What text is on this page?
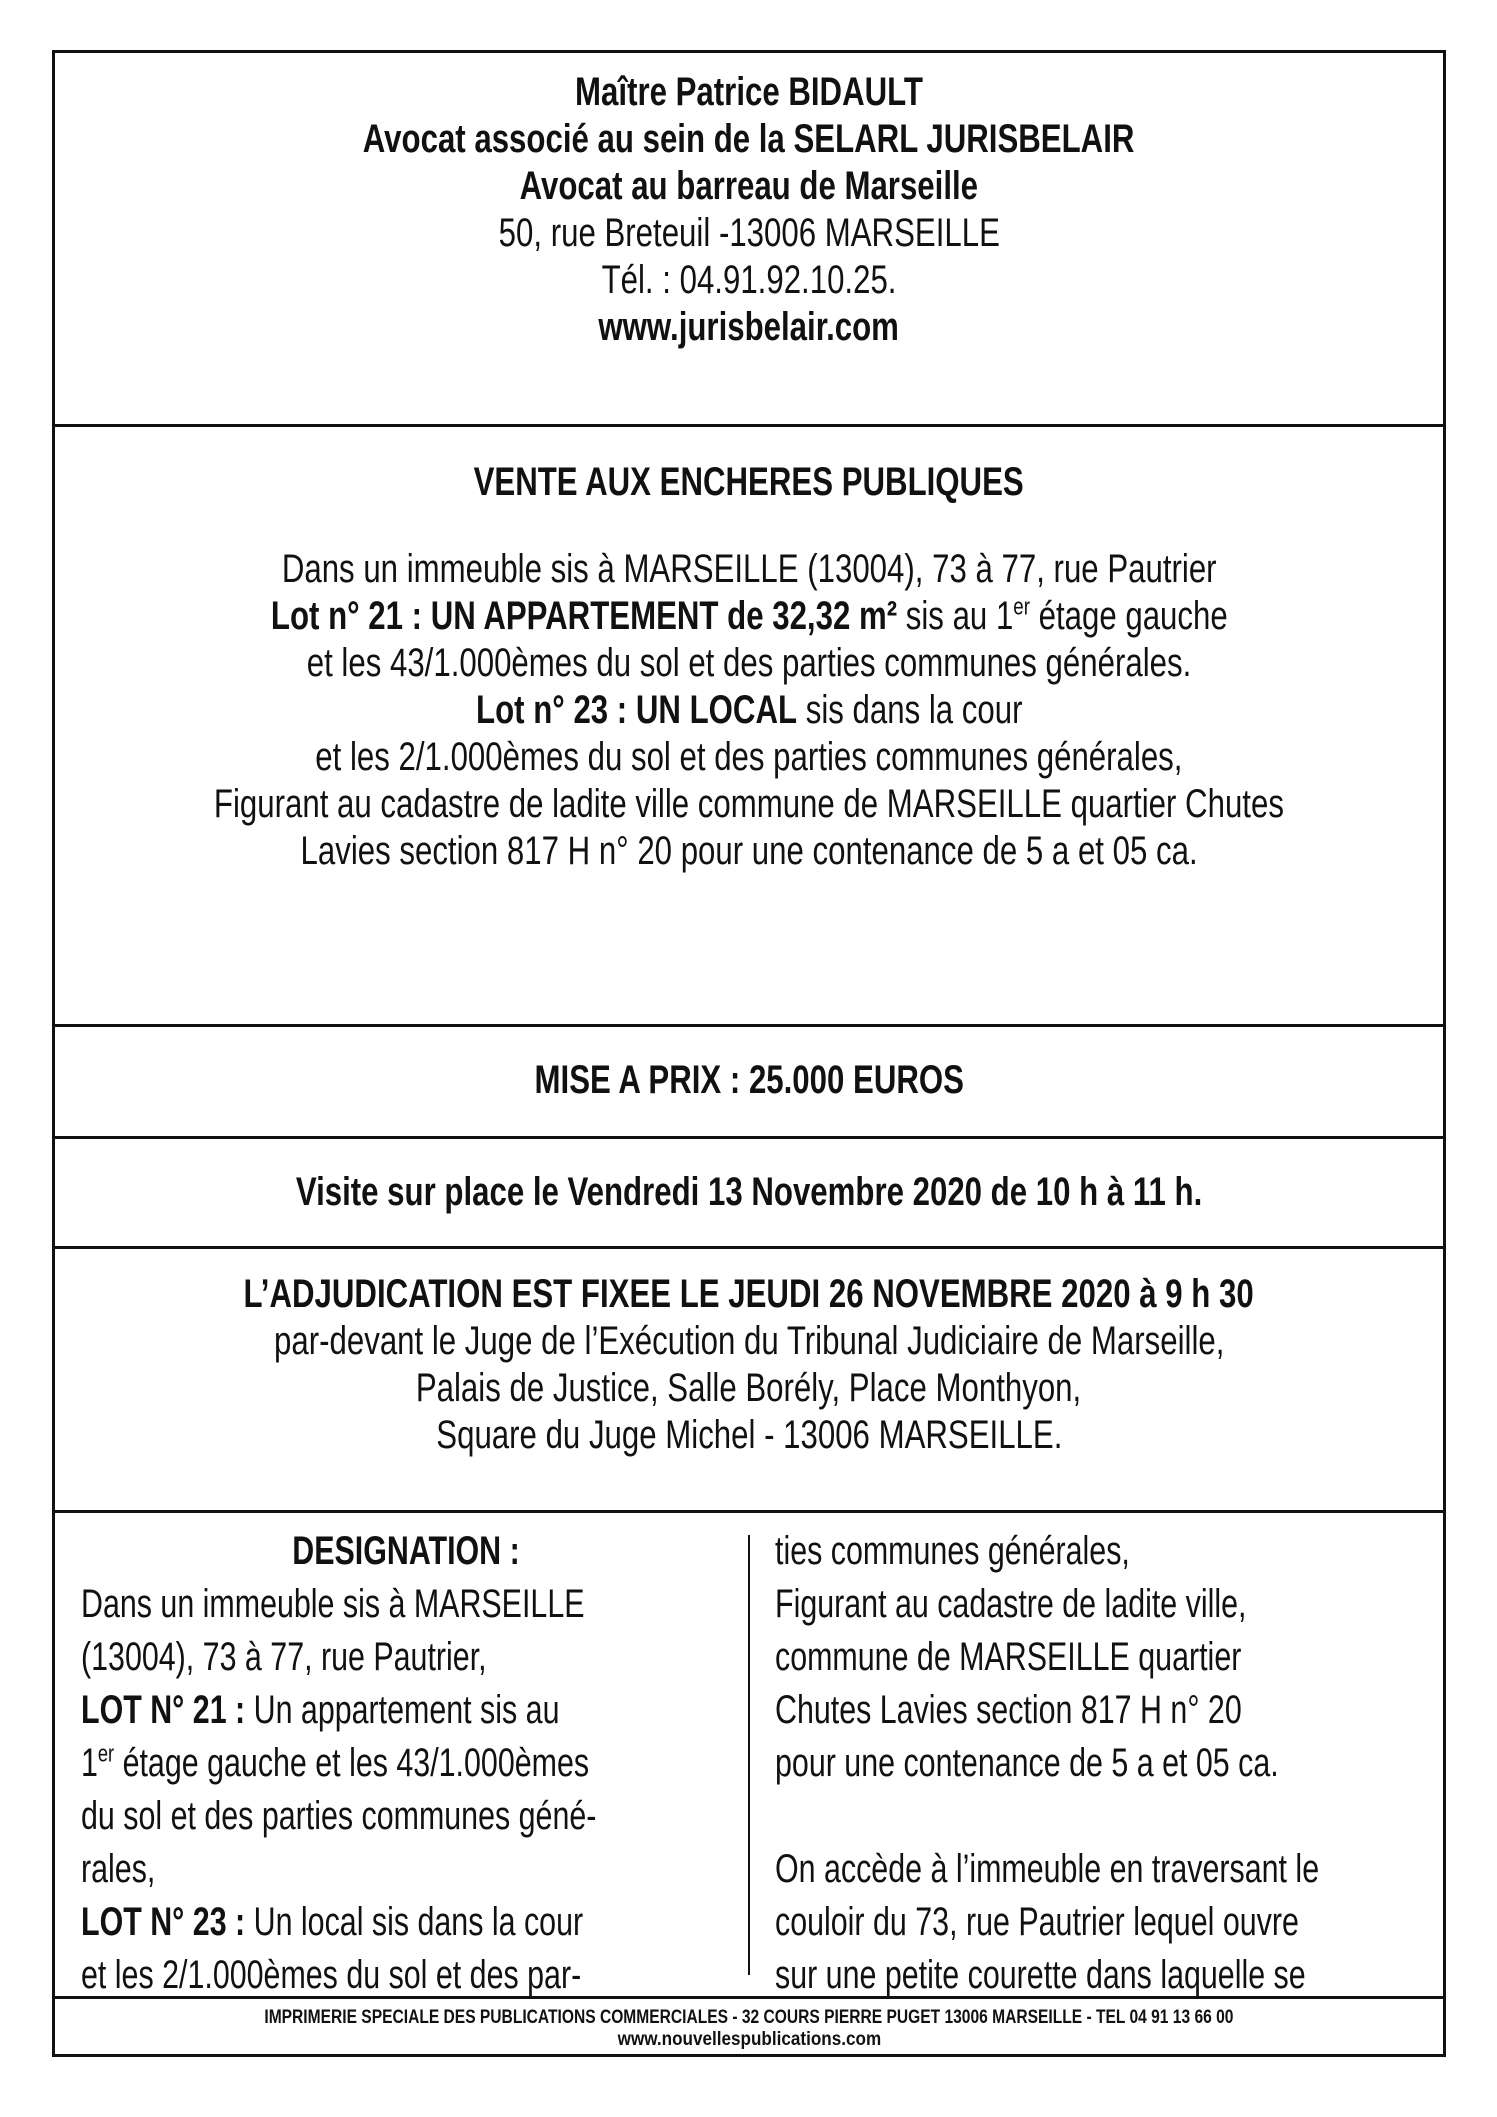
Maître Patrice BIDAULT
Avocat associé au sein de la SELARL JURISBELAIR
Avocat au barreau de Marseille
50, rue Breteuil -13006 MARSEILLE
Tél. : 04.91.92.10.25.
www.jurisbelair.com
VENTE AUX ENCHERES PUBLIQUES
Dans un immeuble sis à MARSEILLE (13004), 73 à 77, rue Pautrier
Lot n° 21 : UN APPARTEMENT de 32,32 m² sis au 1er étage gauche
et les 43/1.000èmes du sol et des parties communes générales.
Lot n° 23 : UN LOCAL sis dans la cour
et les 2/1.000èmes du sol et des parties communes générales,
Figurant au cadastre de ladite ville commune de MARSEILLE quartier Chutes
Lavies section 817 H n° 20 pour une contenance de 5 a et 05 ca.
MISE A PRIX : 25.000 EUROS
Visite sur place le Vendredi 13 Novembre 2020 de 10 h à 11 h.
L’ADJUDICATION EST FIXEE LE JEUDI 26 NOVEMBRE 2020 à 9 h 30
par-devant le Juge de l’Exécution du Tribunal Judiciaire de Marseille,
Palais de Justice, Salle Borély, Place Monthyon,
Square du Juge Michel - 13006 MARSEILLE.
DESIGNATION :
Dans un immeuble sis à MARSEILLE
(13004), 73 à 77, rue Pautrier,
LOT N° 21 : Un appartement sis au
1er étage gauche et les 43/1.000èmes
du sol et des parties communes géné-
rales,
LOT N° 23 : Un local sis dans la cour
et les 2/1.000èmes du sol et des par-
ties communes générales,
Figurant au cadastre de ladite ville,
commune de MARSEILLE quartier
Chutes Lavies section 817 H n° 20
pour une contenance de 5 a et 05 ca.
On accède à l’immeuble en traversant le
couloir du 73, rue Pautrier lequel ouvre
sur une petite courette dans laquelle se
IMPRIMERIE SPECIALE DES PUBLICATIONS COMMERCIALES - 32 COURS PIERRE PUGET 13006 MARSEILLE - TEL 04 91 13 66 00
www.nouvellespublications.com
